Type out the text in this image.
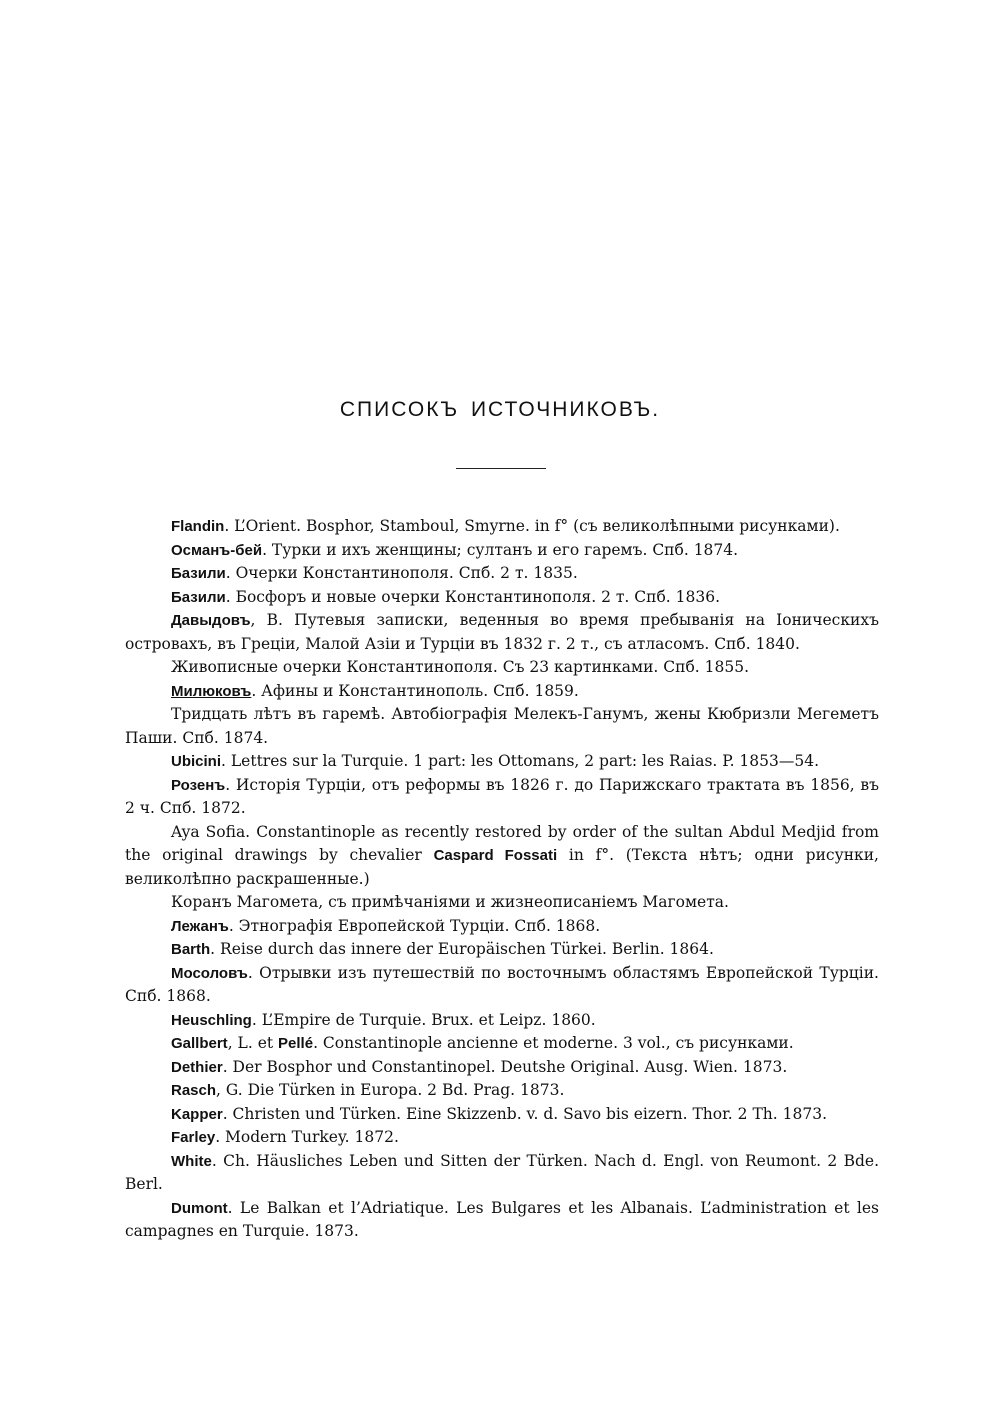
СПИСОКЪ ИСТОЧНИКОВЪ.

Flandin. L’Orient. Bosphor, Stamboul, Smyrne. in f° (съ великолѣпными рисунками).

Османъ-бей. Турки и ихъ женщины; султанъ и его гаремъ. Спб. 1874.

Базили. Очерки Константинополя. Спб. 2 т. 1835.

Базили. Босфоръ и новые очерки Константинополя. 2 т. Спб. 1836.

Давыдовъ, В. Путевыя записки, веденныя во время пребыванія на Іоническихъ островахъ, въ Греціи, Малой Азіи и Турціи въ 1832 г. 2 т., съ атласомъ. Спб. 1840.

Живописные очерки Константинополя. Съ 23 картинками. Спб. 1855.

Милюковъ. Афины и Константинополь. Спб. 1859.

Тридцать лѣтъ въ гаремѣ. Автобіографія Мелекъ-Ганумъ, жены Кюбризли Мегеметъ Паши. Спб. 1874.

Ubicini. Lettres sur la Turquie. 1 part: les Ottomans, 2 part: les Raias. P. 1853—54.

Розенъ. Исторія Турціи, отъ реформы въ 1826 г. до Парижскаго трактата въ 1856, въ 2 ч. Спб. 1872.

Aya Sofia. Constantinople as recently restored by order of the sultan Abdul Medjid from the original drawings by chevalier Caspard Fossati in f°. (Текста нѣтъ; одни рисунки, великолѣпно раскрашенные.)

Коранъ Магомета, съ примѣчаніями и жизнеописаніемъ Магомета.

Лежанъ. Этнографія Европейской Турціи. Спб. 1868.

Barth. Reise durch das innere der Europäischen Türkei. Berlin. 1864.

Мосоловъ. Отрывки изъ путешествій по восточнымъ областямъ Европейской Турціи. Спб. 1868.

Heuschling. L’Empire de Turquie. Brux. et Leipz. 1860.

Gallbert, L. et Pellé. Constantinople ancienne et moderne. 3 vol., съ рисунками.

Dethier. Der Bosphor und Constantinopel. Deutshe Original. Ausg. Wien. 1873.

Rasch, G. Die Türken in Europa. 2 Bd. Prag. 1873.

Kapper. Christen und Türken. Eine Skizzenb. v. d. Savo bis eizern. Thor. 2 Th. 1873.

Farley. Modern Turkey. 1872.

White. Ch. Häusliches Leben und Sitten der Türken. Nach d. Engl. von Reumont. 2 Bde. Berl.

Dumont. Le Balkan et l’Adriatique. Les Bulgares et les Albanais. L’administration et les campagnes en Turquie. 1873.
